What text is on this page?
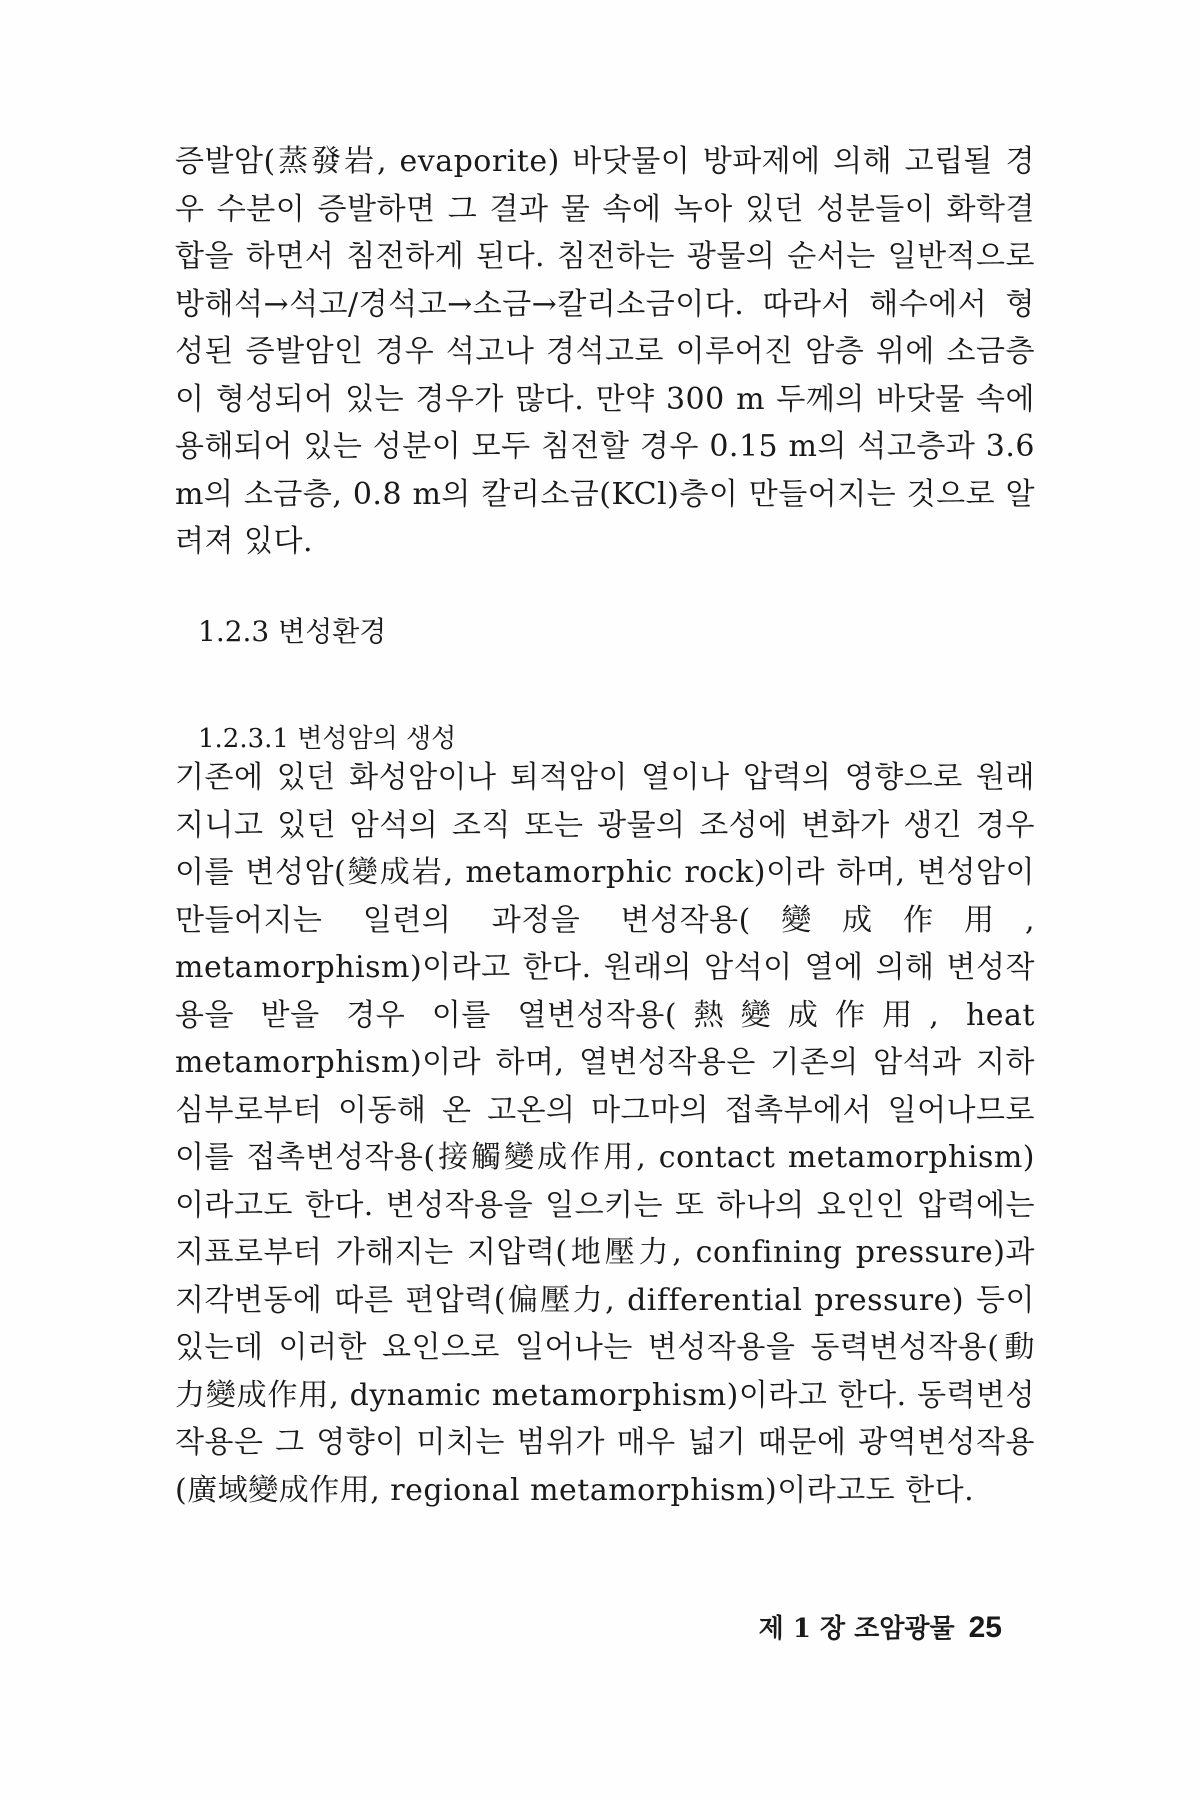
증발암(蒸發岩, evaporite) 바닷물이 방파제에 의해 고립될 경우 수분이 증발하면 그 결과 물 속에 녹아 있던 성분들이 화학결합을 하면서 침전하게 된다. 침전하는 광물의 순서는 일반적으로 방해석→석고/경석고→소금→칼리소금이다. 따라서 해수에서 형성된 증발암인 경우 석고나 경석고로 이루어진 암층 위에 소금층이 형성되어 있는 경우가 많다. 만약 300 m 두께의 바닷물 속에 용해되어 있는 성분이 모두 침전할 경우 0.15 m의 석고층과 3.6 m의 소금층, 0.8 m의 칼리소금(KCl)층이 만들어지는 것으로 알려져 있다.

1.2.3 변성환경
1.2.3.1 변성암의 생성

기존에 있던 화성암이나 퇴적암이 열이나 압력의 영향으로 원래 지니고 있던 암석의 조직 또는 광물의 조성에 변화가 생긴 경우 이를 변성암(變成岩, metamorphic rock)이라 하며, 변성암이 만들어지는 일련의 과정을 변성작용(變成作用, metamorphism)이라고 한다. 원래의 암석이 열에 의해 변성작용을 받을 경우 이를 열변성작용(熱變成作用, heat metamorphism)이라 하며, 열변성작용은 기존의 암석과 지하 심부로부터 이동해 온 고온의 마그마의 접촉부에서 일어나므로 이를 접촉변성작용(接觸變成作用, contact metamorphism)이라고도 한다. 변성작용을 일으키는 또 하나의 요인인 압력에는 지표로부터 가해지는 지압력(地壓力, confining pressure)과 지각변동에 따른 편압력(偏壓力, differential pressure) 등이 있는데 이러한 요인으로 일어나는 변성작용을 동력변성작용(動力變成作用, dynamic metamorphism)이라고 한다. 동력변성작용은 그 영향이 미치는 범위가 매우 넓기 때문에 광역변성작용(廣域變成作用, regional metamorphism)이라고도 한다.

제 1 장 조암광물 25
